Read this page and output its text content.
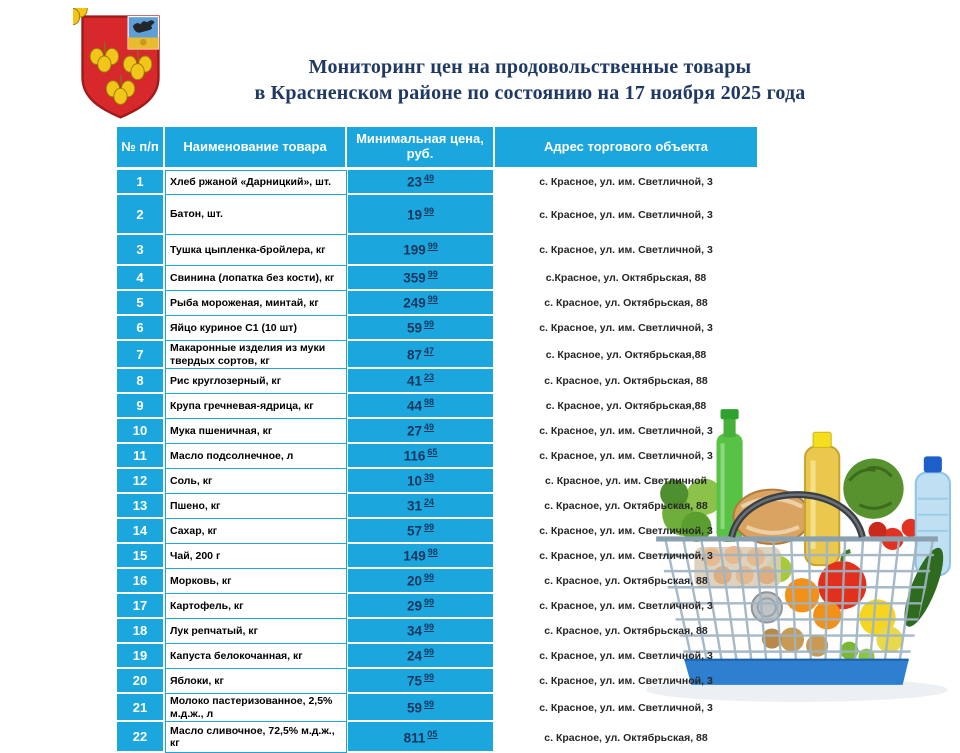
Мониторинг цен на продовольственные товары
в Красненском районе по состоянию на 17 ноября 2025 года
№ п/п	Наименование товара	Минимальная цена, руб.	Адрес торгового объекта
1	Хлеб ржаной «Дарницкий», шт.	23 $^{49}$	с. Красное, ул. им. Светличной, 3
2	Батон, шт.	19 $^{99}$	с. Красное, ул. им. Светличной, 3
3	Тушка цыпленка-бройлера, кг	199 $^{99}$	с. Красное, ул. им. Светличной, 3
4	Свинина (лопатка без кости), кг	359 $^{99}$	с.Красное, ул. Октябрьская, 88
5	Рыба мороженая, минтай, кг	249 $^{99}$	с. Красное, ул. Октябрьская, 88
6	Яйцо куриное С1 (10 шт)	59 $^{99}$	с. Красное, ул. им. Светличной, 3
7	Макаронные изделия из муки твердых сортов, кг	87 $^{47}$	с. Красное, ул. Октябрьская,88
8	Рис круглозерный, кг	41 $^{23}$	с. Красное, ул. Октябрьская, 88
9	Крупа гречневая-ядрица, кг	44 $^{98}$	с. Красное, ул. Октябрьская,88
10	Мука пшеничная, кг	27 $^{49}$	с. Красное, ул. им. Светличной, 3
11	Масло подсолнечное, л	116 $^{65}$	с. Красное, ул. им. Светличной, 3
12	Соль, кг	10 $^{39}$	с. Красное, ул. им. Светличной
13	Пшено, кг	31 $^{24}$	с. Красное, ул. Октябрьская, 88
14	Сахар, кг	57 $^{99}$	с. Красное, ул. им. Светличной, 3
15	Чай, 200 г	149 $^{98}$	с. Красное, ул. им. Светличной, 3
16	Морковь, кг	20 $^{99}$	с. Красное, ул. Октябрьская, 88
17	Картофель, кг	29 $^{99}$	с. Красное, ул. им. Светличной, 3
18	Лук репчатый, кг	34 $^{99}$	с. Красное, ул. Октябрьская, 88
19	Капуста белокочанная, кг	24 $^{99}$	с. Красное, ул. им. Светличной, 3
20	Яблоки, кг	75 $^{99}$	с. Красное, ул. им. Светличной, 3
21	Молоко пастеризованное, 2,5% м.д.ж., л	59 $^{99}$	с. Красное, ул. им. Светличной, 3
22	Масло сливочное, 72,5% м.д.ж., кг	811 $^{05}$	с. Красное, ул. Октябрьская, 88
